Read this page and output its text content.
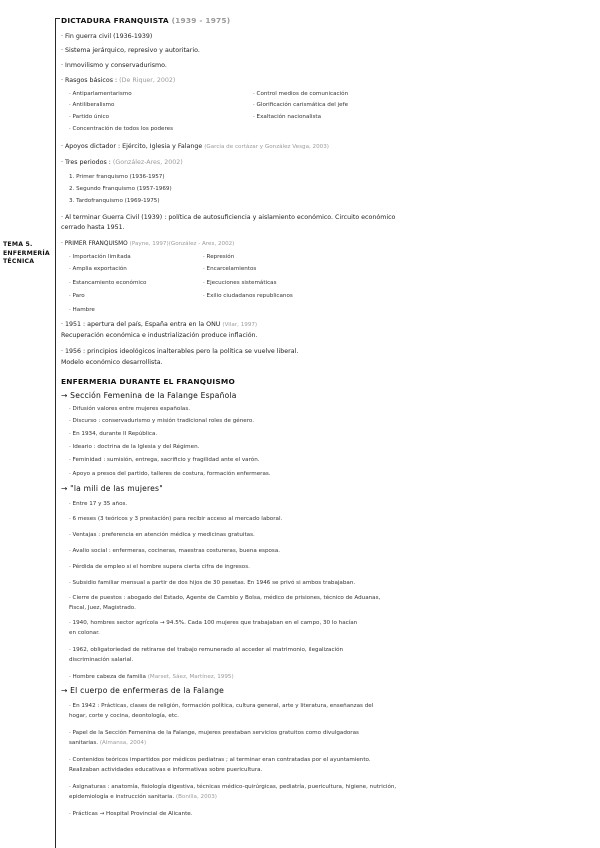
TEMA 5.
ENFERMERÍA
TÉCNICA
DICTADURA FRANQUISTA (1939 - 1975)
· Fin guerra civil (1936-1939)
· Sistema jerárquico, represivo y autoritario.
· Inmovilismo y conservadurismo.
· Rasgos básicos : (De Riquer, 2002)
· Antiparlamentarismo
· Antiliberalismo
· Partido único
· Concentración de todos los poderes
· Control medios de comunicación
· Glorificación carismática del jefe
· Exaltación nacionalista
· Apoyos dictador : Ejército, Iglesia y Falange (García de cortázar y González Vesga, 2003)
· Tres periodos : (González-Ares, 2002)
1. Primer franquismo (1936-1957)
2. Segundo Franquismo (1957-1969)
3. Tardofranquismo (1969-1975)
· Al terminar Guerra Civil (1939) : política de autosuficiencia y aislamiento económico. Circuito económico
cerrado hasta 1951.
· PRIMER FRANQUISMO (Payne, 1997)(González - Ares, 2002)
· Importación limitada
· Amplia exportación
· Estancamiento económico
· Paro
· Hambre
· Represión
· Encarcelamientos
· Ejecuciones sistemáticas
· Exilio ciudadanos republicanos
· 1951 : apertura del país, España entra en la ONU (Vilar, 1997)
Recuperación económica e industrialización produce inflación.
· 1956 : principios ideológicos inalterables pero la política se vuelve liberal.
Modelo económico desarrollista.
ENFERMERIA DURANTE EL FRANQUISMO
→ Sección Femenina de la Falange Española
· Difusión valores entre mujeres españolas.
· Discurso : conservadurismo y misión tradicional roles de género.
· En 1934, durante II República.
· Ideario : doctrina de la Iglesia y del Régimen.
· Feminidad : sumisión, entrega, sacrificio y fragilidad ante el varón.
· Apoyo a presos del partido, talleres de costura, formación enfermeras.
→ "la mili de las mujeres"
· Entre 17 y 35 años.
· 6 meses (3 teóricos y 3 prestación) para recibir acceso al mercado laboral.
· Ventajas : preferencia en atención médica y medicinas gratuitas.
· Avalio social : enfermeras, cocineras, maestras costureras, buena esposa.
· Pérdida de empleo si el hombre supera cierta cifra de ingresos.
· Subsidio familiar mensual a partir de dos hijos de 30 pesetas. En 1946 se privó si ambos trabajaban.
· Cierre de puestos : abogado del Estado, Agente de Cambio y Bolsa, médico de prisiones, técnico de Aduanas,
Fiscal, Juez, Magistrado.
· 1940, hombres sector agrícola → 94.5%. Cada 100 mujeres que trabajaban en el campo, 30 lo hacían
en colonar.
· 1962, obligatoriedad de retirarse del trabajo remunerado al acceder al matrimonio, ilegalización
discriminación salarial.
· Hombre cabeza de familia (Marset, Sáez, Martínez, 1995)
→ El cuerpo de enfermeras de la Falange
· En 1942 : Prácticas, clases de religión, formación política, cultura general, arte y literatura, enseñanzas del
hogar, corte y cocina, deontología, etc.
· Papel de la Sección Femenina de la Falange, mujeres prestaban servicios gratuitos como divulgadoras
sanitarias. (Almansa, 2004)
· Contenidos teóricos impartidos por médicos pediatras ; al terminar eran contratadas por el ayuntamiento.
Realizaban actividades educativas e informativas sobre puericultura.
· Asignaturas : anatomía, fisiología digestiva, técnicas médico-quirúrgicas, pediatría, puericultura, higiene, nutrición,
epidemiología e instrucción sanitaria. (Bonilla, 2003)
· Prácticas → Hospital Provincial de Alicante.
